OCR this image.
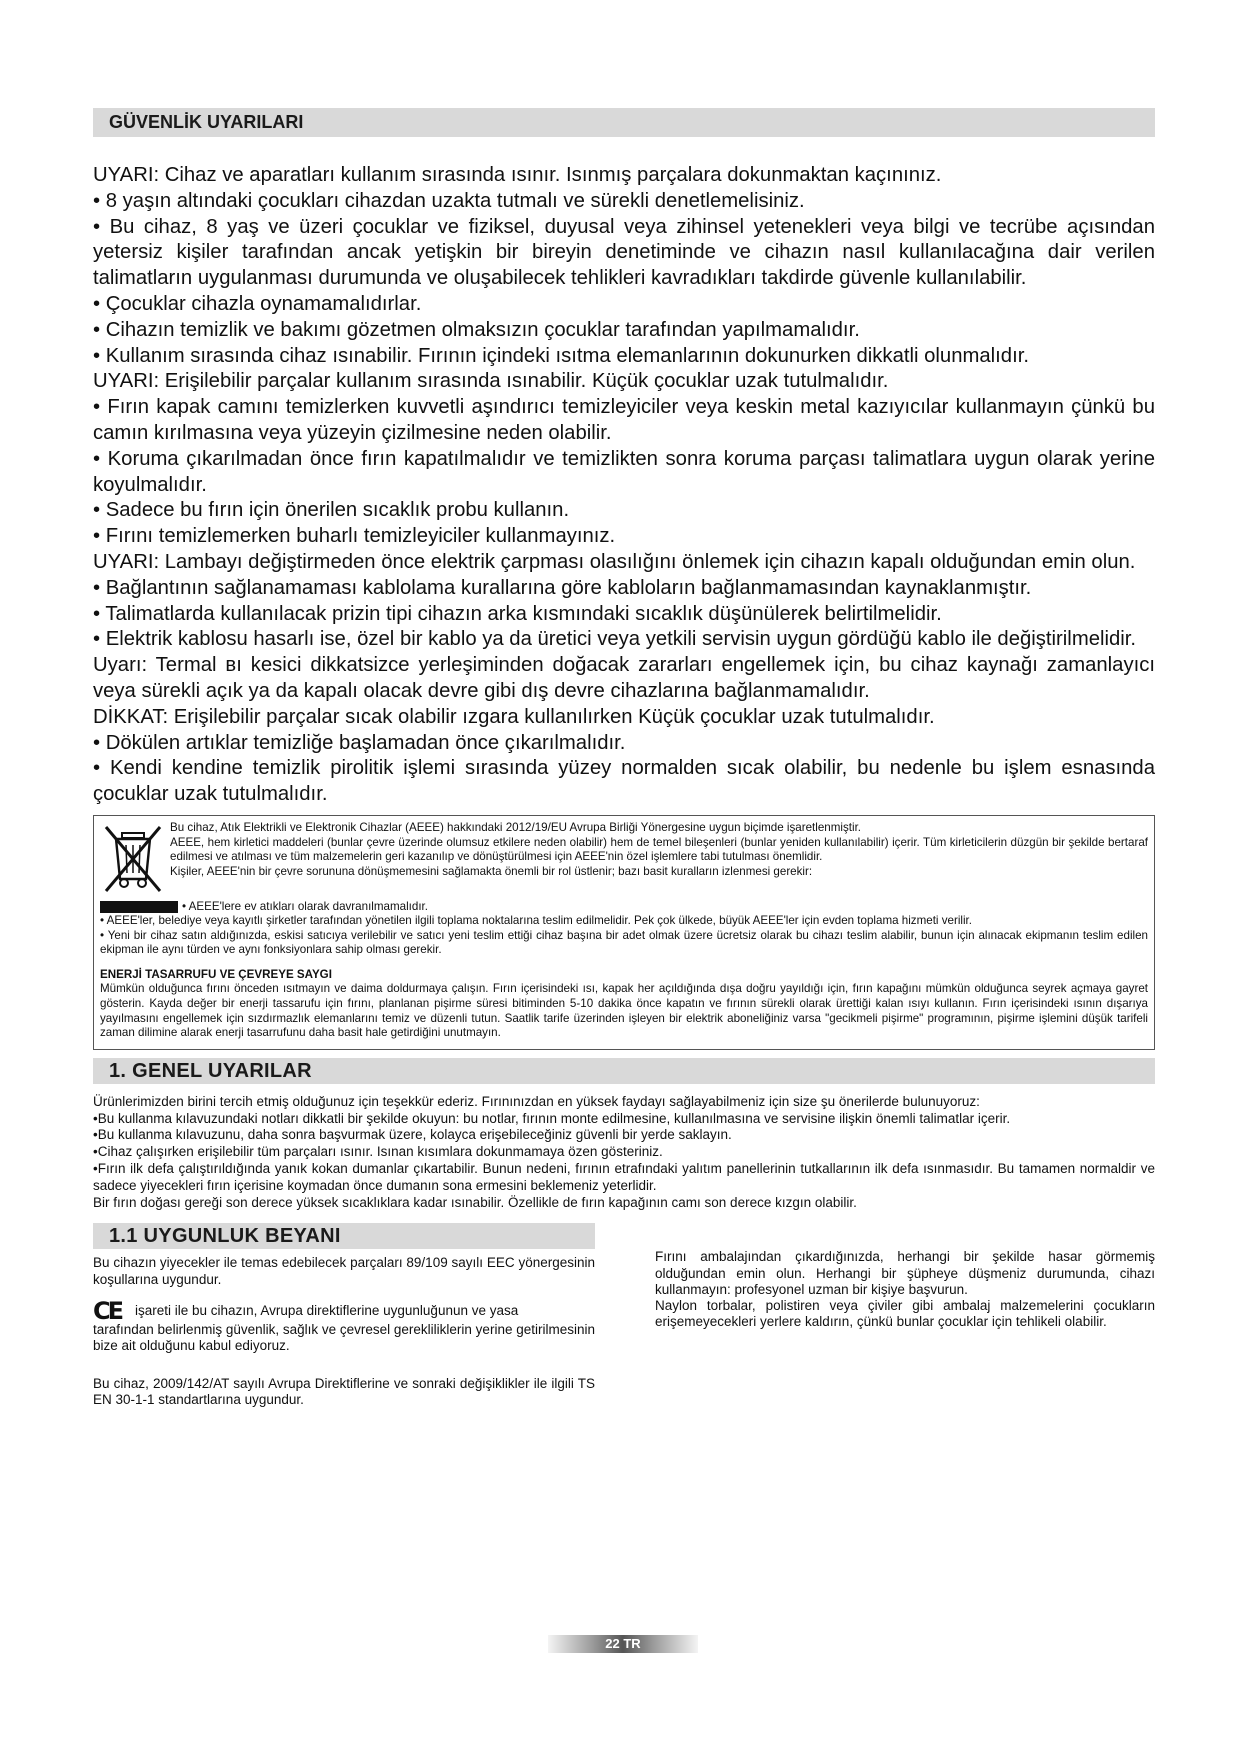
GÜVENLİK UYARILARI

UYARI: Cihaz ve aparatları kullanım sırasında ısınır. Isınmış parçalara dokunmaktan kaçınınız.

• 8 yaşın altındaki çocukları cihazdan uzakta tutmalı ve sürekli denetlemelisiniz.

• Bu cihaz, 8 yaş ve üzeri çocuklar ve fiziksel, duyusal veya zihinsel yetenekleri veya bilgi ve tecrübe açısından yetersiz kişiler tarafından ancak yetişkin bir bireyin denetiminde ve cihazın nasıl kullanılacağına dair verilen talimatların uygulanması durumunda ve oluşabilecek tehlikleri kavradıkları takdirde güvenle kullanılabilir.

• Çocuklar cihazla oynamamalıdırlar.

• Cihazın temizlik ve bakımı gözetmen olmaksızın çocuklar tarafından yapılmamalıdır.

• Kullanım sırasında cihaz ısınabilir. Fırının içindeki ısıtma elemanlarının dokunurken dikkatli olunmalıdır.

UYARI: Erişilebilir parçalar kullanım sırasında ısınabilir. Küçük çocuklar uzak tutulmalıdır.

• Fırın kapak camını temizlerken kuvvetli aşındırıcı temizleyiciler veya keskin metal kazıyıcılar kullanmayın çünkü bu camın kırılmasına veya yüzeyin çizilmesine neden olabilir.

• Koruma çıkarılmadan önce fırın kapatılmalıdır ve temizlikten sonra koruma parçası talimatlara uygun olarak yerine koyulmalıdır.

• Sadece bu fırın için önerilen sıcaklık probu kullanın.

• Fırını temizlemerken buharlı temizleyiciler kullanmayınız.

UYARI: Lambayı değiştirmeden önce elektrik çarpması olasılığını önlemek için cihazın kapalı olduğundan emin olun.

• Bağlantının sağlanamaması kablolama kurallarına göre kabloların bağlanmamasından kaynaklanmıştır.

• Talimatlarda kullanılacak prizin tipi cihazın arka kısmındaki sıcaklık düşünülerek belirtilmelidir.

• Elektrik kablosu hasarlı ise, özel bir kablo ya da üretici veya yetkili servisin uygun gördüğü kablo ile değiştirilmelidir.

Uyarı: Termal вı kesici dikkatsizce yerleşiminden doğacak zararları engellemek için, bu cihaz kaynağı zamanlayıcı veya sürekli açık ya da kapalı olacak devre gibi dış devre cihazlarına bağlanmamalıdır.

DİKKAT: Erişilebilir parçalar sıcak olabilir ızgara kullanılırken Küçük çocuklar uzak tutulmalıdır.

• Dökülen artıklar temizliğe başlamadan önce çıkarılmalıdır.

• Kendi kendine temizlik pirolitik işlemi sırasında yüzey normalden sıcak olabilir, bu nedenle bu işlem esnasında çocuklar uzak tutulmalıdır.

Bu cihaz, Atık Elektrikli ve Elektronik Cihazlar (AEEE) hakkındaki 2012/19/EU Avrupa Birliği Yönergesine uygun biçimde işaretlenmiştir.

AEEE, hem kirletici maddeleri (bunlar çevre üzerinde olumsuz etkilere neden olabilir) hem de temel bileşenleri (bunlar yeniden kullanılabilir) içerir. Tüm kirleticilerin düzgün bir şekilde bertaraf edilmesi ve atılması ve tüm malzemelerin geri kazanılıp ve dönüştürülmesi için AEEE'nin özel işlemlere tabi tutulması önemlidir.

Kişiler, AEEE'nin bir çevre sorununa dönüşmemesini sağlamakta önemli bir rol üstlenir; bazı basit kuralların izlenmesi gerekir:

• AEEE'lere ev atıkları olarak davranılmamalıdır.

• AEEE'ler, belediye veya kayıtlı şirketler tarafından yönetilen ilgili toplama noktalarına teslim edilmelidir. Pek çok ülkede, büyük AEEE'ler için evden toplama hizmeti verilir.

• Yeni bir cihaz satın aldığınızda, eskisi satıcıya verilebilir ve satıcı yeni teslim ettiği cihaz başına bir adet olmak üzere ücretsiz olarak bu cihazı teslim alabilir, bunun için alınacak ekipmanın teslim edilen ekipman ile aynı türden ve aynı fonksiyonlara sahip olması gerekir.

ENERJİ TASARRUFU VE ÇEVREYE SAYGI

Mümkün olduğunca fırını önceden ısıtmayın ve daima doldurmaya çalışın. Fırın içerisindeki ısı, kapak her açıldığında dışa doğru yayıldığı için, fırın kapağını mümkün olduğunca seyrek açmaya gayret gösterin. Kayda değer bir enerji tassarufu için fırını, planlanan pişirme süresi bitiminden 5-10 dakika önce kapatın ve fırının sürekli olarak ürettiği kalan ısıyı kullanın. Fırın içerisindeki ısının dışarıya yayılmasını engellemek için sızdırmazlık elemanlarını temiz ve düzenli tutun. Saatlik tarife üzerinden işleyen bir elektrik aboneliğiniz varsa "gecikmeli pişirme" programının, pişirme işlemini düşük tarifeli zaman dilimine alarak enerji tasarrufunu daha basit hale getirdiğini unutmayın.

1. GENEL UYARILAR

Ürünlerimizden birini tercih etmiş olduğunuz için teşekkür ederiz. Fırınınızdan en yüksek faydayı sağlayabilmeniz için size şu önerilerde bulunuyoruz:

•Bu kullanma kılavuzundaki notları dikkatli bir şekilde okuyun: bu notlar, fırının monte edilmesine, kullanılmasına ve servisine ilişkin önemli talimatlar içerir.

•Bu kullanma kılavuzunu, daha sonra başvurmak üzere, kolayca erişebileceğiniz güvenli bir yerde saklayın.

•Cihaz çalışırken erişilebilir tüm parçaları ısınır. Isınan kısımlara dokunmamaya özen gösteriniz.

•Fırın ilk defa çalıştırıldığında yanık kokan dumanlar çıkartabilir. Bunun nedeni, fırının etrafındaki yalıtım panellerinin tutkallarının ilk defa ısınmasıdır. Bu tamamen normaldir ve sadece yiyecekleri fırın içerisine koymadan önce dumanın sona ermesini beklemeniz yeterlidir.

Bir fırın doğası gereği son derece yüksek sıcaklıklara kadar ısınabilir. Özellikle de fırın kapağının camı son derece kızgın olabilir.

1.1 UYGUNLUK BEYANI

Bu cihazın yiyecekler ile temas edebilecek parçaları 89/109 sayılı EEC yönergesinin koşullarına uygundur.

CE işareti ile bu cihazın, Avrupa direktiflerine uygunluğunun ve yasa

tarafından belirlenmiş güvenlik, sağlık ve çevresel gerekliliklerin yerine getirilmesinin bize ait olduğunu kabul ediyoruz.

Bu cihaz, 2009/142/AT sayılı Avrupa Direktiflerine ve sonraki değişiklikler ile ilgili TS EN 30-1-1 standartlarına uygundur.

Fırını ambalajından çıkardığınızda, herhangi bir şekilde hasar görmemiş olduğundan emin olun. Herhangi bir şüpheye düşmeniz durumunda, cihazı kullanmayın: profesyonel uzman bir kişiye başvurun.

Naylon torbalar, polistiren veya çiviler gibi ambalaj malzemelerini çocukların erişemeyecekleri yerlere kaldırın, çünkü bunlar çocuklar için tehlikeli olabilir.

22 TR
